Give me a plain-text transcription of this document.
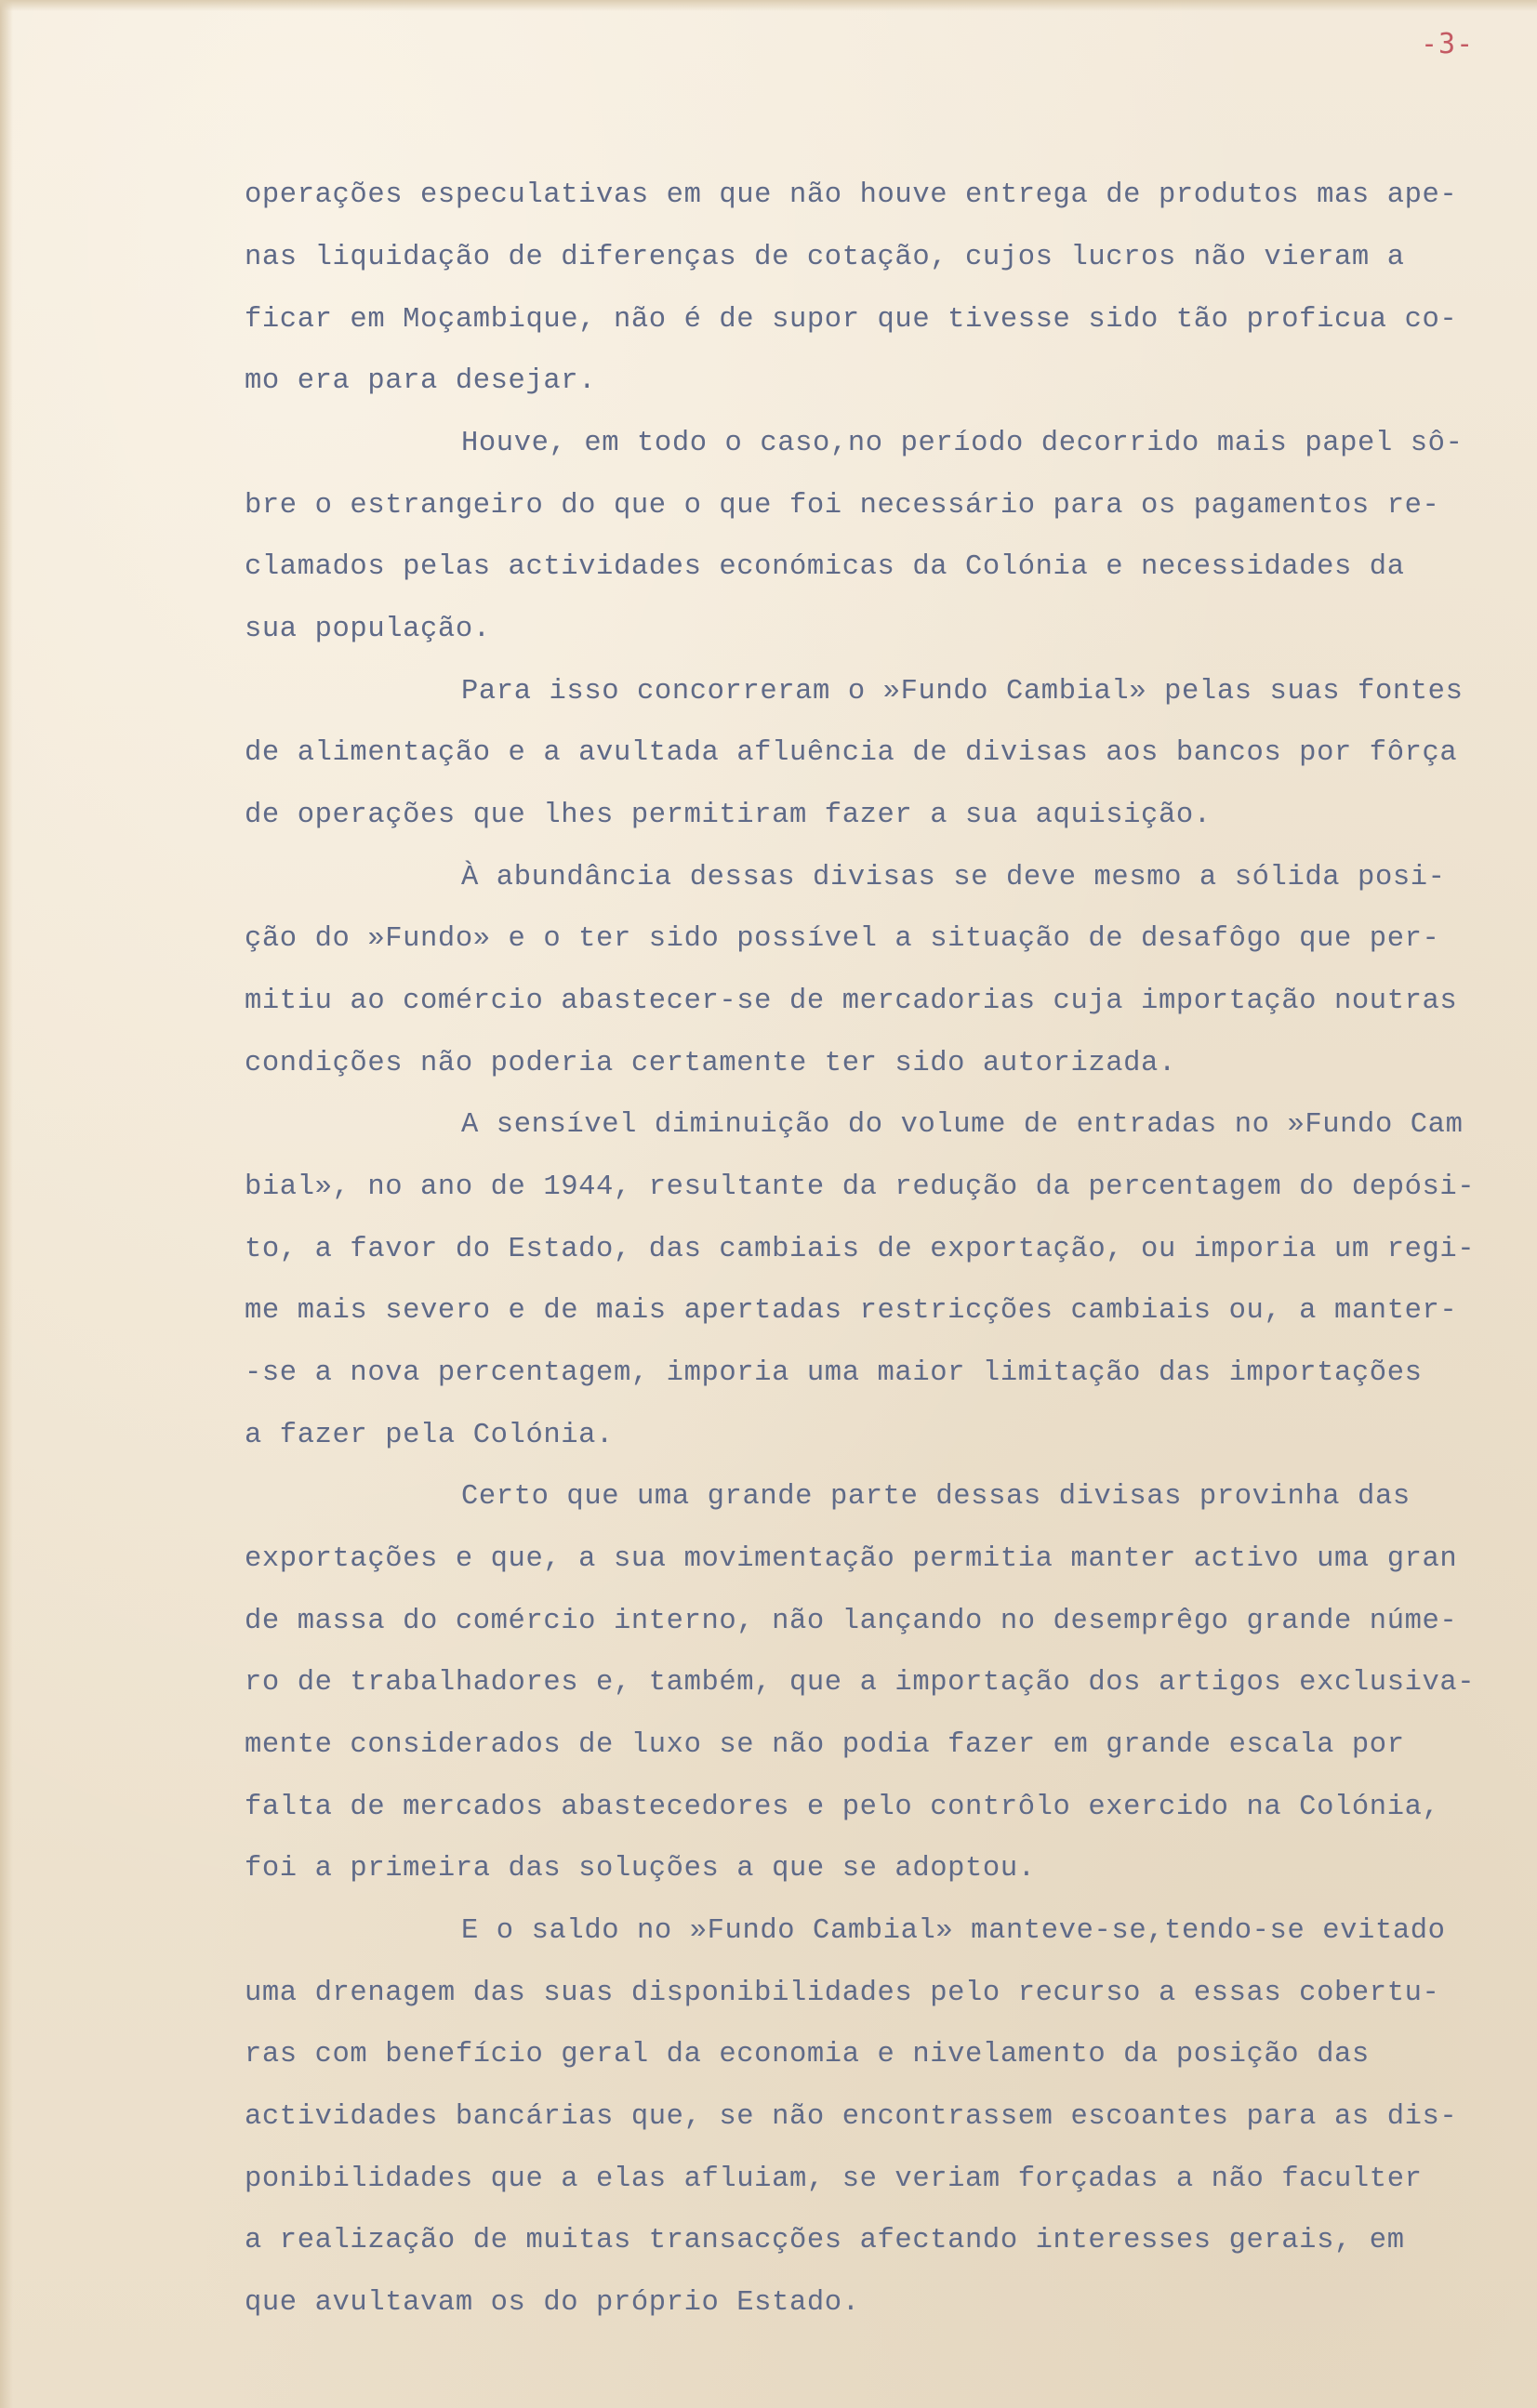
-3-
operações especulativas em que não houve entrega de produtos mas ape-
nas liquidação de diferenças de cotação, cujos lucros não vieram a
ficar em Moçambique, não é de supor que tivesse sido tão proficua co-
mo era para desejar.
Houve, em todo o caso,no período decorrido mais papel sô-
bre o estrangeiro do que o que foi necessário para os pagamentos re-
clamados pelas actividades económicas da Colónia e necessidades da
sua população.
Para isso concorreram o »Fundo Cambial» pelas suas fontes
de alimentação e a avultada afluência de divisas aos bancos por fôrça
de operações que lhes permitiram fazer a sua aquisição.
À abundância dessas divisas se deve mesmo a sólida posi-
ção do »Fundo» e o ter sido possível a situação de desafôgo que per-
mitiu ao comércio abastecer-se de mercadorias cuja importação noutras
condições não poderia certamente ter sido autorizada.
A sensível diminuição do volume de entradas no »Fundo Cam
bial», no ano de 1944, resultante da redução da percentagem do depósi-
to, a favor do Estado, das cambiais de exportação, ou imporia um regi-
me mais severo e de mais apertadas restricções cambiais ou, a manter-
-se a nova percentagem, imporia uma maior limitação das importações
a fazer pela Colónia.
Certo que uma grande parte dessas divisas provinha das
exportações e que, a sua movimentação permitia manter activo uma gran
de massa do comércio interno, não lançando no desemprêgo grande núme-
ro de trabalhadores e, também, que a importação dos artigos exclusiva-
mente considerados de luxo se não podia fazer em grande escala por
falta de mercados abastecedores e pelo contrôlo exercido na Colónia,
foi a primeira das soluções a que se adoptou.
E o saldo no »Fundo Cambial» manteve-se,tendo-se evitado
uma drenagem das suas disponibilidades pelo recurso a essas cobertu-
ras com benefício geral da economia e nivelamento da posição das
actividades bancárias que, se não encontrassem escoantes para as dis-
ponibilidades que a elas afluiam, se veriam forçadas a não faculter
a realização de muitas transacções afectando interesses gerais, em
que avultavam os do próprio Estado.
